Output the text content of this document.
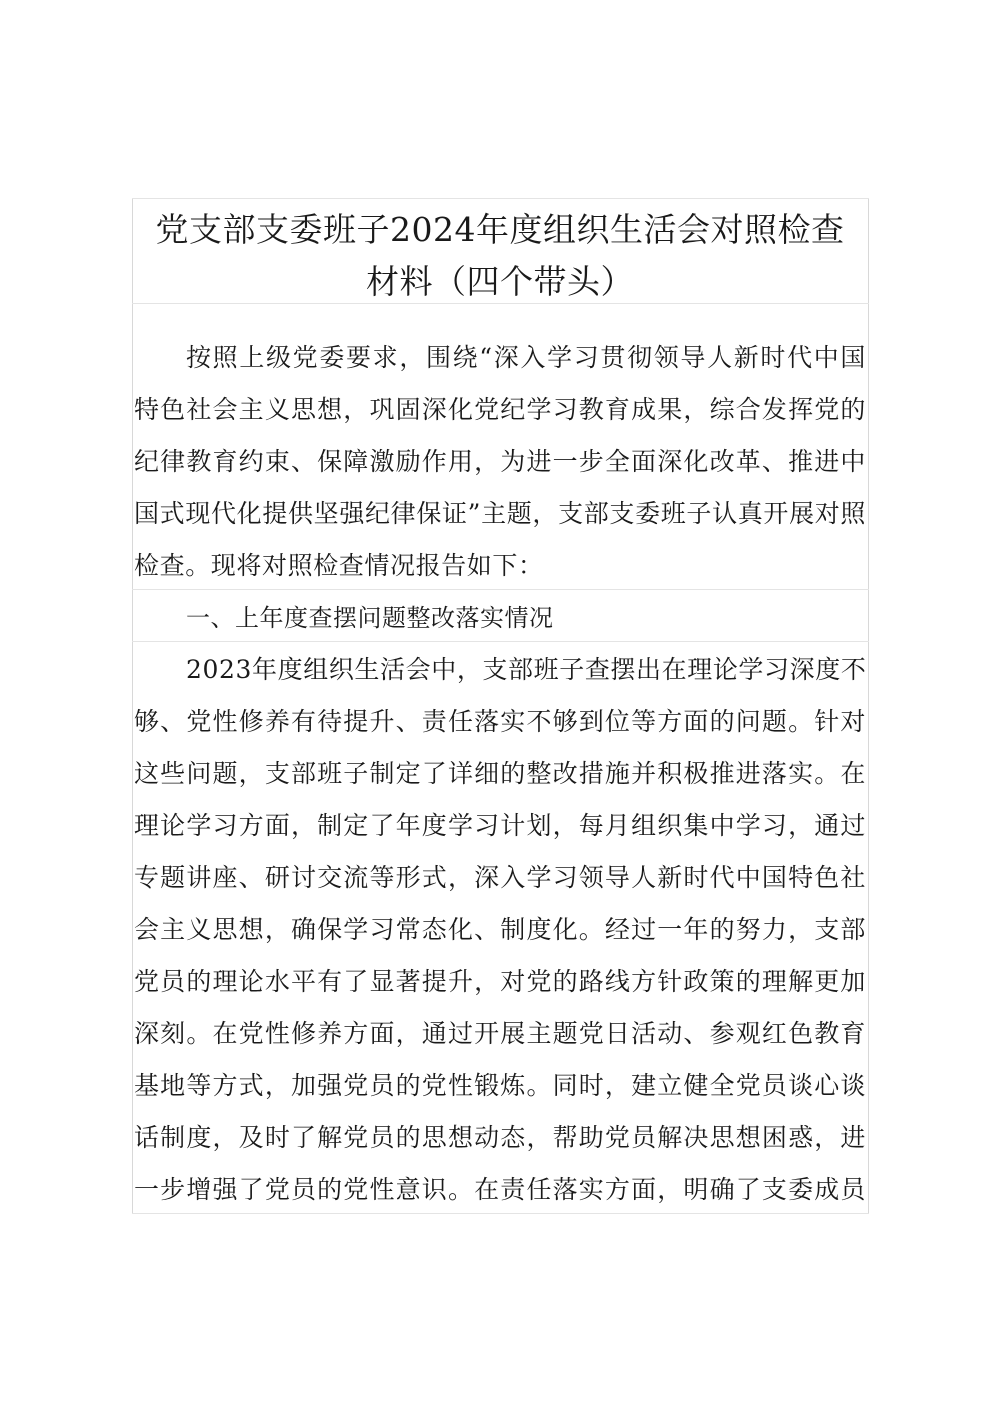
党支部支委班子2024年度组织生活会对照检查
材料（四个带头）
按照上级党委要求，围绕“深入学习贯彻领导人新时代中国
特色社会主义思想，巩固深化党纪学习教育成果，综合发挥党的
纪律教育约束、保障激励作用，为进一步全面深化改革、推进中
国式现代化提供坚强纪律保证”主题，支部支委班子认真开展对照
检查。现将对照检查情况报告如下：
一、上年度查摆问题整改落实情况
2023年度组织生活会中，支部班子查摆出在理论学习深度不
够、党性修养有待提升、责任落实不够到位等方面的问题。针对
这些问题，支部班子制定了详细的整改措施并积极推进落实。在
理论学习方面，制定了年度学习计划，每月组织集中学习，通过
专题讲座、研讨交流等形式，深入学习领导人新时代中国特色社
会主义思想，确保学习常态化、制度化。经过一年的努力，支部
党员的理论水平有了显著提升，对党的路线方针政策的理解更加
深刻。在党性修养方面，通过开展主题党日活动、参观红色教育
基地等方式，加强党员的党性锻炼。同时，建立健全党员谈心谈
话制度，及时了解党员的思想动态，帮助党员解决思想困惑，进
一步增强了党员的党性意识。在责任落实方面，明确了支委成员
